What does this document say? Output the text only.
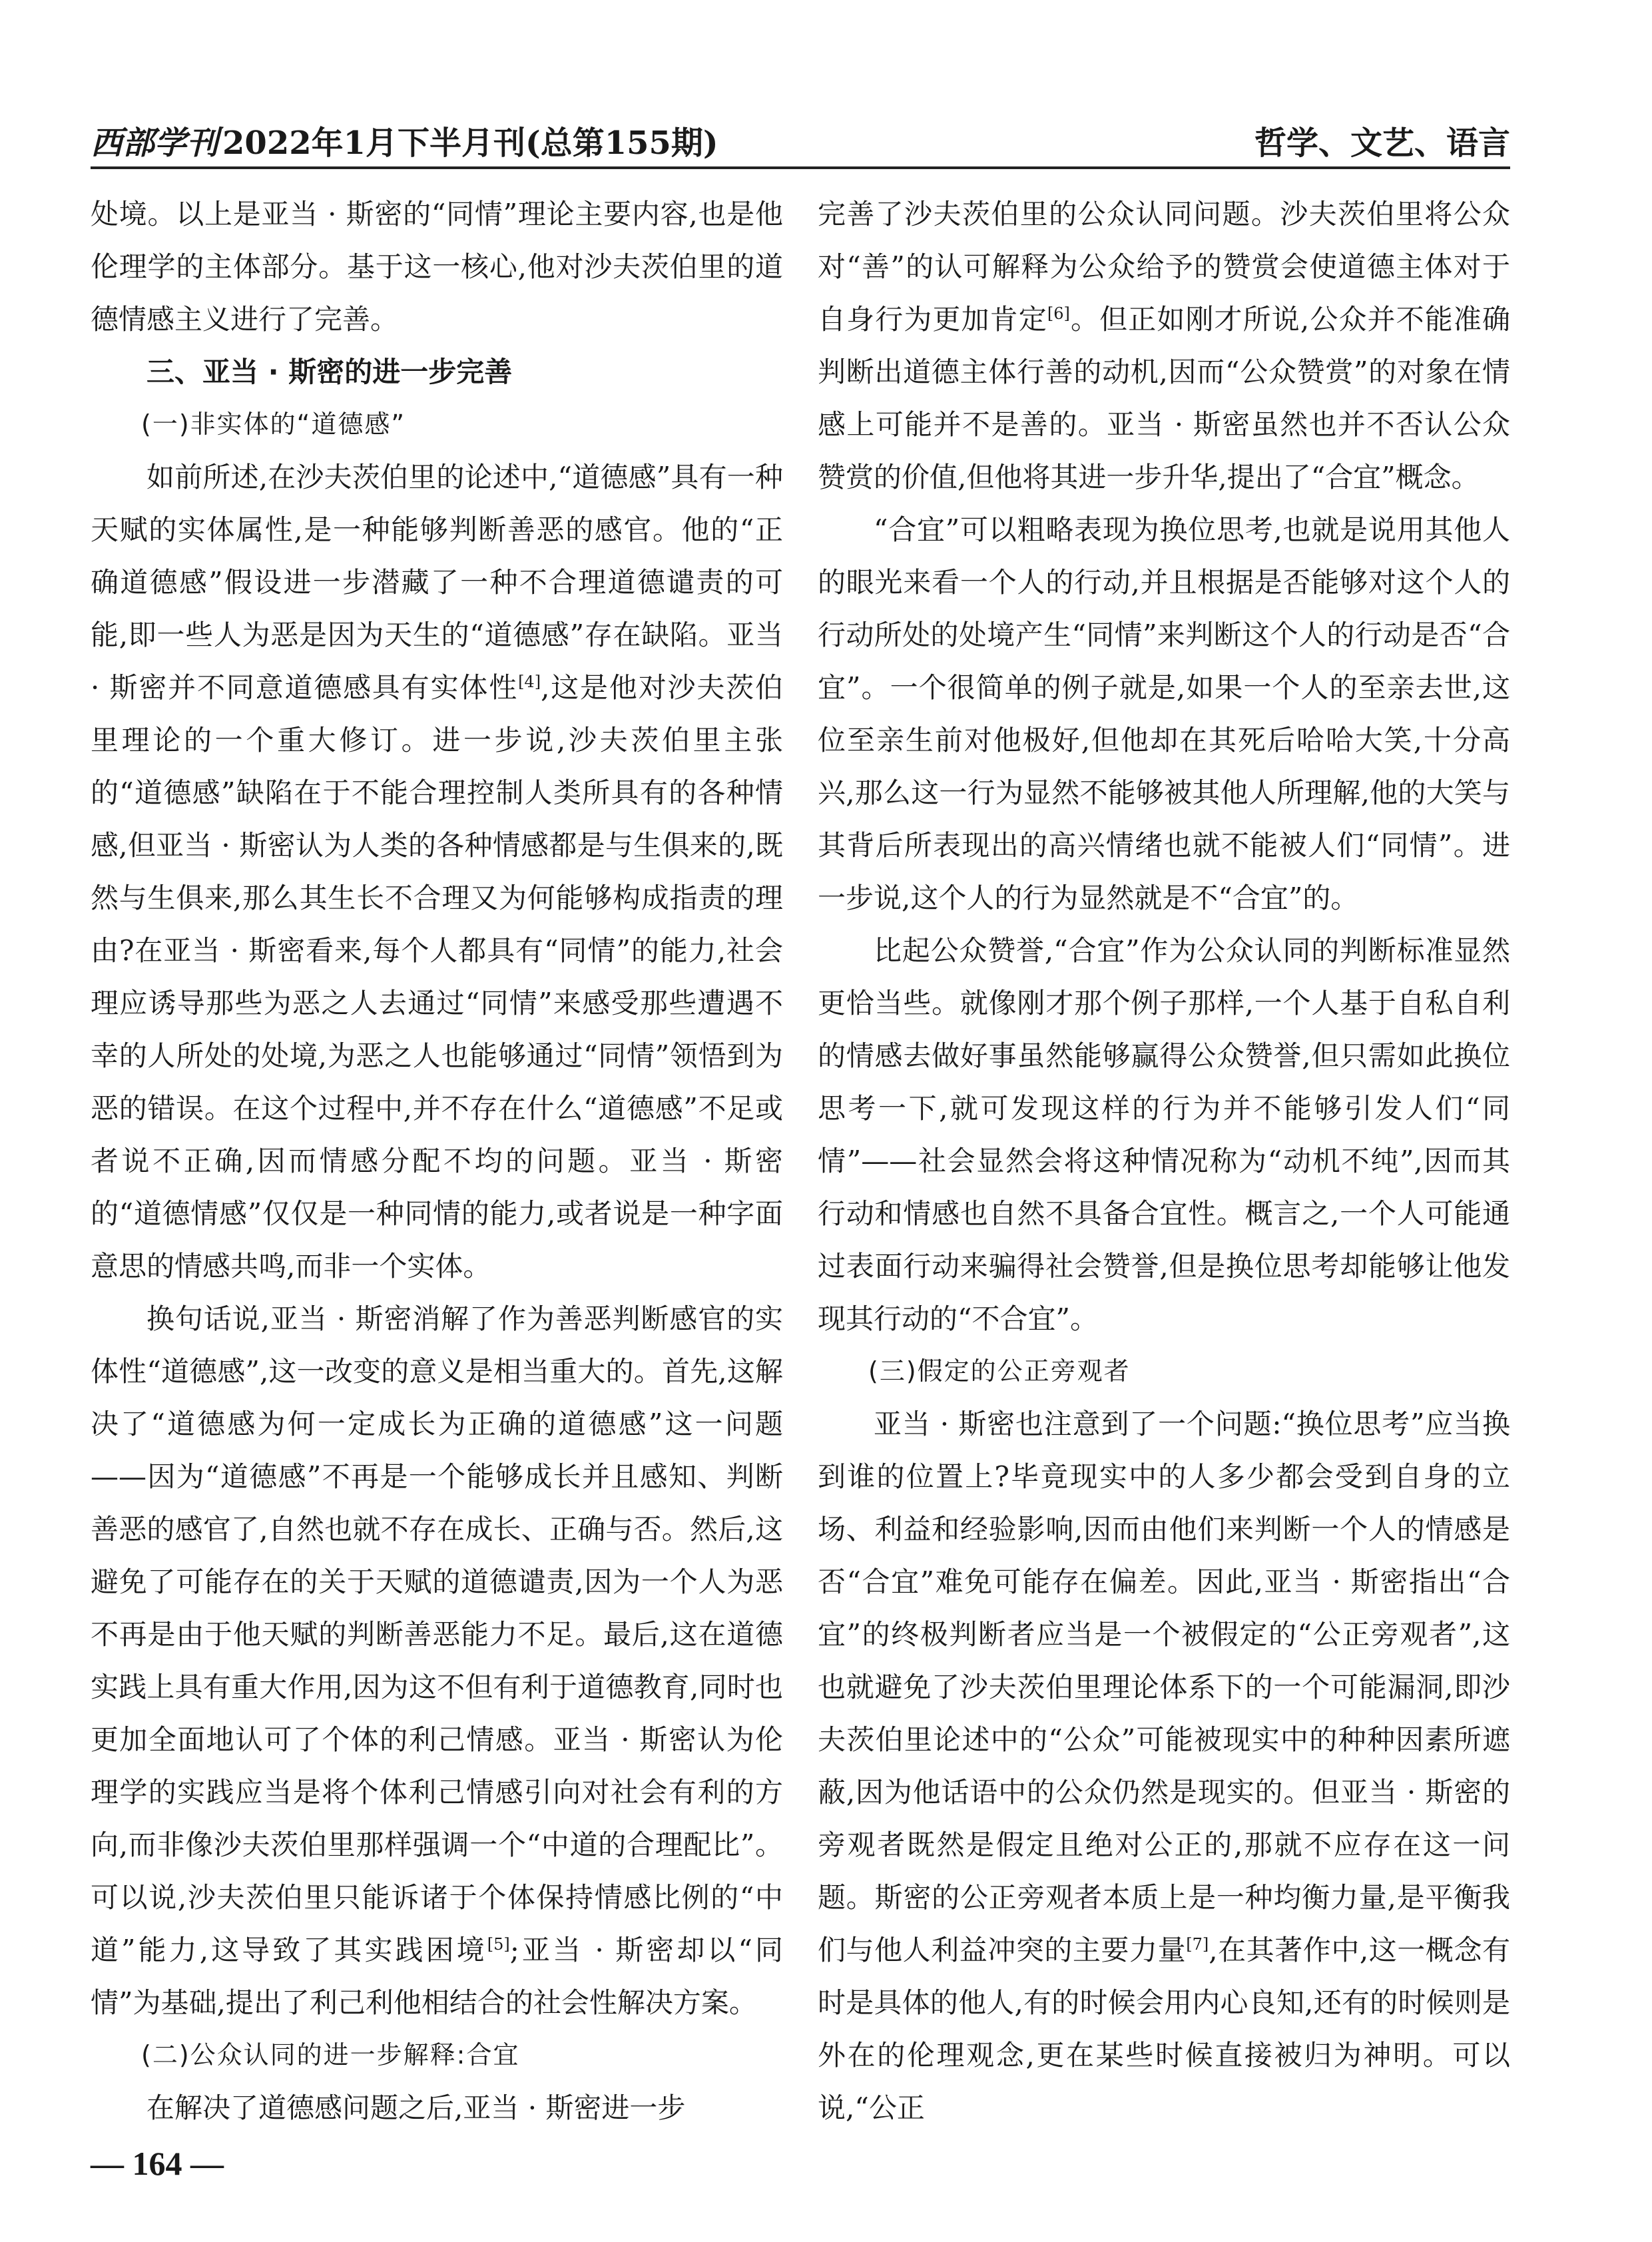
西部学刊 2022年1月下半月刊(总第155期)	哲学、文艺、语言

处境。以上是亚当 · 斯密的“同情”理论主要内容,也是他伦理学的主体部分。基于这一核心,他对沙夫茨伯里的道德情感主义进行了完善。

三、亚当 · 斯密的进一步完善

(一)非实体的“道德感”

如前所述,在沙夫茨伯里的论述中,“道德感”具有一种天赋的实体属性,是一种能够判断善恶的感官。他的“正确道德感”假设进一步潜藏了一种不合理道德谴责的可能,即一些人为恶是因为天生的“道德感”存在缺陷。亚当 · 斯密并不同意道德感具有实体性[4],这是他对沙夫茨伯里理论的一个重大修订。进一步说,沙夫茨伯里主张的“道德感”缺陷在于不能合理控制人类所具有的各种情感,但亚当 · 斯密认为人类的各种情感都是与生俱来的,既然与生俱来,那么其生长不合理又为何能够构成指责的理由?在亚当 · 斯密看来,每个人都具有“同情”的能力,社会理应诱导那些为恶之人去通过“同情”来感受那些遭遇不幸的人所处的处境,为恶之人也能够通过“同情”领悟到为恶的错误。在这个过程中,并不存在什么“道德感”不足或者说不正确,因而情感分配不均的问题。亚当 · 斯密的“道德情感”仅仅是一种同情的能力,或者说是一种字面意思的情感共鸣,而非一个实体。

换句话说,亚当 · 斯密消解了作为善恶判断感官的实体性“道德感”,这一改变的意义是相当重大的。首先,这解决了“道德感为何一定成长为正确的道德感”这一问题——因为“道德感”不再是一个能够成长并且感知、判断善恶的感官了,自然也就不存在成长、正确与否。然后,这避免了可能存在的关于天赋的道德谴责,因为一个人为恶不再是由于他天赋的判断善恶能力不足。最后,这在道德实践上具有重大作用,因为这不但有利于道德教育,同时也更加全面地认可了个体的利己情感。亚当 · 斯密认为伦理学的实践应当是将个体利己情感引向对社会有利的方向,而非像沙夫茨伯里那样强调一个“中道的合理配比”。可以说,沙夫茨伯里只能诉诸于个体保持情感比例的“中道”能力,这导致了其实践困境[5];亚当 · 斯密却以“同情”为基础,提出了利己利他相结合的社会性解决方案。

(二)公众认同的进一步解释:合宜

在解决了道德感问题之后,亚当 · 斯密进一步

完善了沙夫茨伯里的公众认同问题。沙夫茨伯里将公众对“善”的认可解释为公众给予的赞赏会使道德主体对于自身行为更加肯定[6]。但正如刚才所说,公众并不能准确判断出道德主体行善的动机,因而“公众赞赏”的对象在情感上可能并不是善的。亚当 · 斯密虽然也并不否认公众赞赏的价值,但他将其进一步升华,提出了“合宜”概念。

“合宜”可以粗略表现为换位思考,也就是说用其他人的眼光来看一个人的行动,并且根据是否能够对这个人的行动所处的处境产生“同情”来判断这个人的行动是否“合宜”。一个很简单的例子就是,如果一个人的至亲去世,这位至亲生前对他极好,但他却在其死后哈哈大笑,十分高兴,那么这一行为显然不能够被其他人所理解,他的大笑与其背后所表现出的高兴情绪也就不能被人们“同情”。进一步说,这个人的行为显然就是不“合宜”的。

比起公众赞誉,“合宜”作为公众认同的判断标准显然更恰当些。就像刚才那个例子那样,一个人基于自私自利的情感去做好事虽然能够赢得公众赞誉,但只需如此换位思考一下,就可发现这样的行为并不能够引发人们“同情”——社会显然会将这种情况称为“动机不纯”,因而其行动和情感也自然不具备合宜性。概言之,一个人可能通过表面行动来骗得社会赞誉,但是换位思考却能够让他发现其行动的“不合宜”。

(三)假定的公正旁观者

亚当 · 斯密也注意到了一个问题:“换位思考”应当换到谁的位置上?毕竟现实中的人多少都会受到自身的立场、利益和经验影响,因而由他们来判断一个人的情感是否“合宜”难免可能存在偏差。因此,亚当 · 斯密指出“合宜”的终极判断者应当是一个被假定的“公正旁观者”,这也就避免了沙夫茨伯里理论体系下的一个可能漏洞,即沙夫茨伯里论述中的“公众”可能被现实中的种种因素所遮蔽,因为他话语中的公众仍然是现实的。但亚当 · 斯密的旁观者既然是假定且绝对公正的,那就不应存在这一问题。斯密的公正旁观者本质上是一种均衡力量,是平衡我们与他人利益冲突的主要力量[7],在其著作中,这一概念有时是具体的他人,有的时候会用内心良知,还有的时候则是外在的伦理观念,更在某些时候直接被归为神明。可以说,“公正

— 164 —
